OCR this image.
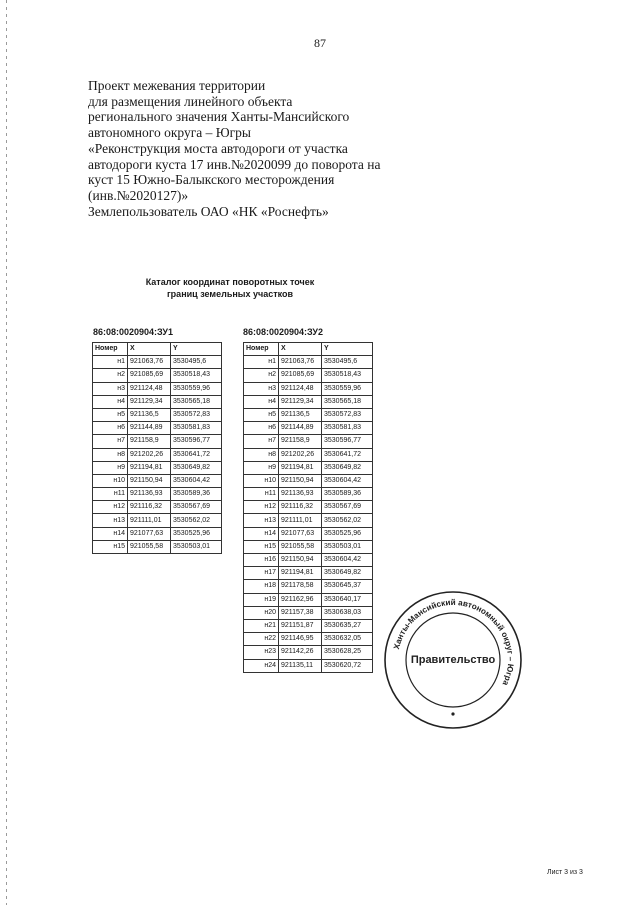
87
Проект межевания территории
для размещения линейного объекта
регионального значения Ханты-Мансийского
автономного округа – Югры
«Реконструкция моста автодороги от участка
автодороги куста 17 инв.№2020099 до поворота на
куст 15 Южно-Балыкского месторождения
(инв.№2020127)»
Землепользователь ОАО «НК «Роснефть»
Каталог координат поворотных точек
границ земельных участков
86:08:0020904:ЗУ1
Номер	X	Y
н1	921063,76	3530495,6
н2	921085,69	3530518,43
н3	921124,48	3530559,96
н4	921129,34	3530565,18
н5	921136,5	3530572,83
н6	921144,89	3530581,83
н7	921158,9	3530596,77
н8	921202,26	3530641,72
н9	921194,81	3530649,82
н10	921150,94	3530604,42
н11	921136,93	3530589,36
н12	921116,32	3530567,69
н13	921111,01	3530562,02
н14	921077,63	3530525,96
н15	921055,58	3530503,01
86:08:0020904:ЗУ2
Номер	X	Y
н1	921063,76	3530495,6
н2	921085,69	3530518,43
н3	921124,48	3530559,96
н4	921129,34	3530565,18
н5	921136,5	3530572,83
н6	921144,89	3530581,83
н7	921158,9	3530596,77
н8	921202,26	3530641,72
н9	921194,81	3530649,82
н10	921150,94	3530604,42
н11	921136,93	3530589,36
н12	921116,32	3530567,69
н13	921111,01	3530562,02
н14	921077,63	3530525,96
н15	921055,58	3530503,01
н16	921150,94	3530604,42
н17	921194,81	3530649,82
н18	921178,58	3530645,37
н19	921162,96	3530640,17
н20	921157,38	3530638,03
н21	921151,87	3530635,27
н22	921146,95	3530632,05
н23	921142,26	3530628,25
н24	921135,11	3530620,72
Ханты-Мансийский автономный округ – Югра
Правительство
Лист 3 из 3
